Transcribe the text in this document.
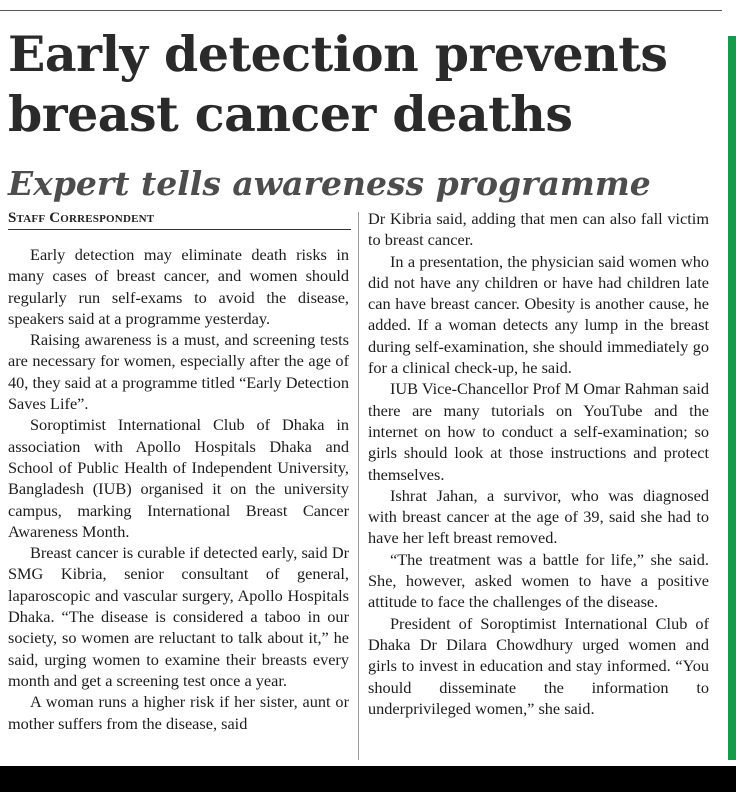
Early detection prevents
breast cancer deaths
Expert tells awareness programme
Staff Correspondent

Early detection may eliminate death risks in many cases of breast cancer, and women should regularly run self-exams to avoid the disease, speakers said at a programme yesterday.

Raising awareness is a must, and screening tests are necessary for women, especially after the age of 40, they said at a programme titled “Early Detection Saves Life”.

Soroptimist International Club of Dhaka in association with Apollo Hospitals Dhaka and School of Public Health of Independent University, Bangladesh (IUB) organised it on the university campus, marking International Breast Cancer Awareness Month.

Breast cancer is curable if detected early, said Dr SMG Kibria, senior consultant of general, laparoscopic and vascular surgery, Apollo Hospitals Dhaka. “The disease is considered a taboo in our society, so women are reluctant to talk about it,” he said, urging women to examine their breasts every month and get a screening test once a year.

A woman runs a higher risk if her sister, aunt or mother suffers from the disease, said

Dr Kibria said, adding that men can also fall victim to breast cancer.

In a presentation, the physician said women who did not have any children or have had children late can have breast cancer. Obesity is another cause, he added. If a woman detects any lump in the breast during self-examination, she should immediately go for a clinical check-up, he said.

IUB Vice-Chancellor Prof M Omar Rahman said there are many tutorials on YouTube and the internet on how to conduct a self-examination; so girls should look at those instructions and protect themselves.

Ishrat Jahan, a survivor, who was diagnosed with breast cancer at the age of 39, said she had to have her left breast removed.

“The treatment was a battle for life,” she said. She, however, asked women to have a positive attitude to face the challenges of the disease.

President of Soroptimist International Club of Dhaka Dr Dilara Chowdhury urged women and girls to invest in education and stay informed. “You should disseminate the information to underprivileged women,” she said.
